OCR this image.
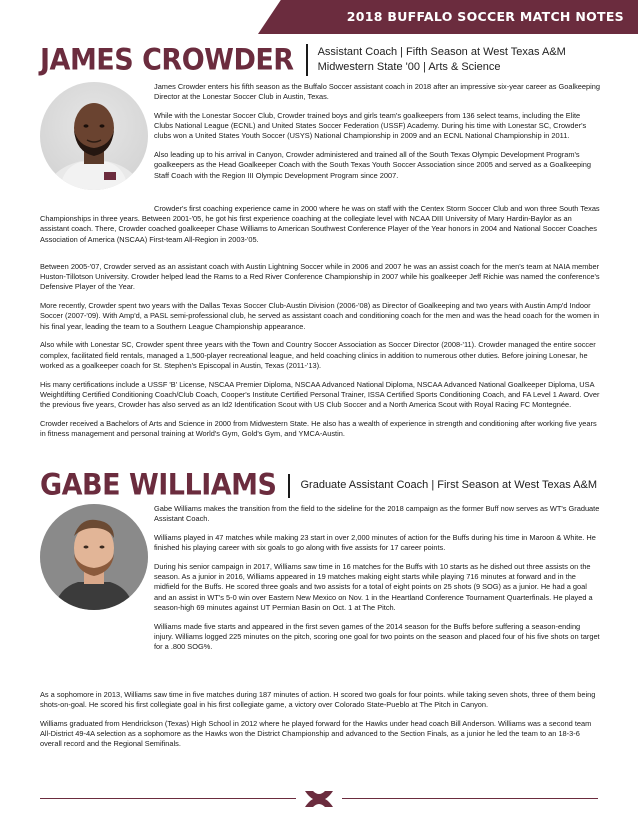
2018 BUFFALO SOCCER MATCH NOTES
JAMES CROWDER Assistant Coach | Fifth Season at West Texas A&M
Midwestern State '00 | Arts & Science

James Crowder enters his fifth season as the Buffalo Soccer assistant coach in 2018 after an impressive six-year career as Goalkeeping Director at the Lonestar Soccer Club in Austin, Texas.

While with the Lonestar Soccer Club, Crowder trained boys and girls team's goalkeepers from 136 select teams, including the Elite Clubs National League (ECNL) and United States Soccer Federation (USSF) Academy. During his time with Lonestar SC, Crowder's clubs won a United States Youth Soccer (USYS) National Championship in 2009 and an ECNL National Championship in 2011.

Also leading up to his arrival in Canyon, Crowder administered and trained all of the South Texas Olympic Development Program's goalkeepers as the Head Goalkeeper Coach with the South Texas Youth Soccer Association since 2005 and served as a Goalkeeping Staff Coach with the Region III Olympic Development Program since 2007.

Crowder's first coaching experience came in 2000 where he was on staff with the Centex Storm Soccer Club and won three South Texas Championships in three years. Between 2001-'05, he got his first experience coaching at the collegiate level with NCAA DIII University of Mary Hardin-Baylor as an assistant coach. There, Crowder coached goalkeeper Chase Williams to American Southwest Conference Player of the Year honors in 2004 and National Soccer Coaches Association of America (NSCAA) First-team All-Region in 2003-'05.

Between 2005-'07, Crowder served as an assistant coach with Austin Lightning Soccer while in 2006 and 2007 he was an assist coach for the men's team at NAIA member Huston-Tillotson University. Crowder helped lead the Rams to a Red River Conference Championship in 2007 while his goalkeeper Jeff Richie was named the conference's Defensive Player of the Year.

More recently, Crowder spent two years with the Dallas Texas Soccer Club-Austin Division (2006-'08) as Director of Goalkeeping and two years with Austin Amp'd Indoor Soccer (2007-'09). With Amp'd, a PASL semi-professional club, he served as assistant coach and conditioning coach for the men and was the head coach for the women in his final year, leading the team to a Southern League Championship appearance.

Also while with Lonestar SC, Crowder spent three years with the Town and Country Soccer Association as Soccer Director (2008-'11). Crowder managed the entire soccer complex, facilitated field rentals, managed a 1,500-player recreational league, and held coaching clinics in addition to numerous other duties. Before joining Lonesar, he worked as a goalkeeper coach for St. Stephen's Episcopal in Austin, Texas (2011-'13).

His many certifications include a USSF 'B' License, NSCAA Premier Diploma, NSCAA Advanced National Diploma, NSCAA Advanced National Goalkeeper Diploma, USA Weightlifting Certified Conditioning Coach/Club Coach, Cooper's Institute Certified Personal Trainer, ISSA Certified Sports Conditioning Coach, and FA Level 1 Award. Over the previous five years, Crowder has also served as an Id2 Identification Scout with US Club Soccer and a North America Scout with Royal Racing FC Montegnée.

Crowder received a Bachelors of Arts and Science in 2000 from Midwestern State. He also has a wealth of experience in strength and conditioning after working five years in fitness management and personal training at World's Gym, Gold's Gym, and YMCA-Austin.

GABE WILLIAMS Graduate Assistant Coach | First Season at West Texas A&M

Gabe Williams makes the transition from the field to the sideline for the 2018 campaign as the former Buff now serves as WT's Graduate Assistant Coach.

Williams played in 47 matches while making 23 start in over 2,000 minutes of action for the Buffs during his time in Maroon & White. He finished his playing career with six goals to go along with five assists for 17 career points.

During his senior campaign in 2017, Williams saw time in 16 matches for the Buffs with 10 starts as he dished out three assists on the season. As a junior in 2016, Williams appeared in 19 matches making eight starts while playing 716 minutes at forward and in the midfield for the Buffs. He scored three goals and two assists for a total of eight points on 25 shots (9 SOG) as a junior. He had a goal and an assist in WT's 5-0 win over Eastern New Mexico on Nov. 1 in the Heartland Conference Tournament Quarterfinals. He played a season-high 69 minutes against UT Permian Basin on Oct. 1 at The Pitch.

Williams made five starts and appeared in the first seven games of the 2014 season for the Buffs before suffering a season-ending injury. Williams logged 225 minutes on the pitch, scoring one goal for two points on the season and placed four of his five shots on target for a .800 SOG%.

As a sophomore in 2013, Williams saw time in five matches during 187 minutes of action. H scored two goals for four points. while taking seven shots, three of them being shots-on-goal. He scored his first collegiate goal in his first collegiate game, a victory over Colorado State-Pueblo at The Pitch in Canyon.

Williams graduated from Hendrickson (Texas) High School in 2012 where he played forward for the Hawks under head coach Bill Anderson. Williams was a second team All-District 49-4A selection as a sophomore as the Hawks won the District Championship and advanced to the Section Finals, as a junior he led the team to an 18-3-6 overall record and the Regional Semifinals.
